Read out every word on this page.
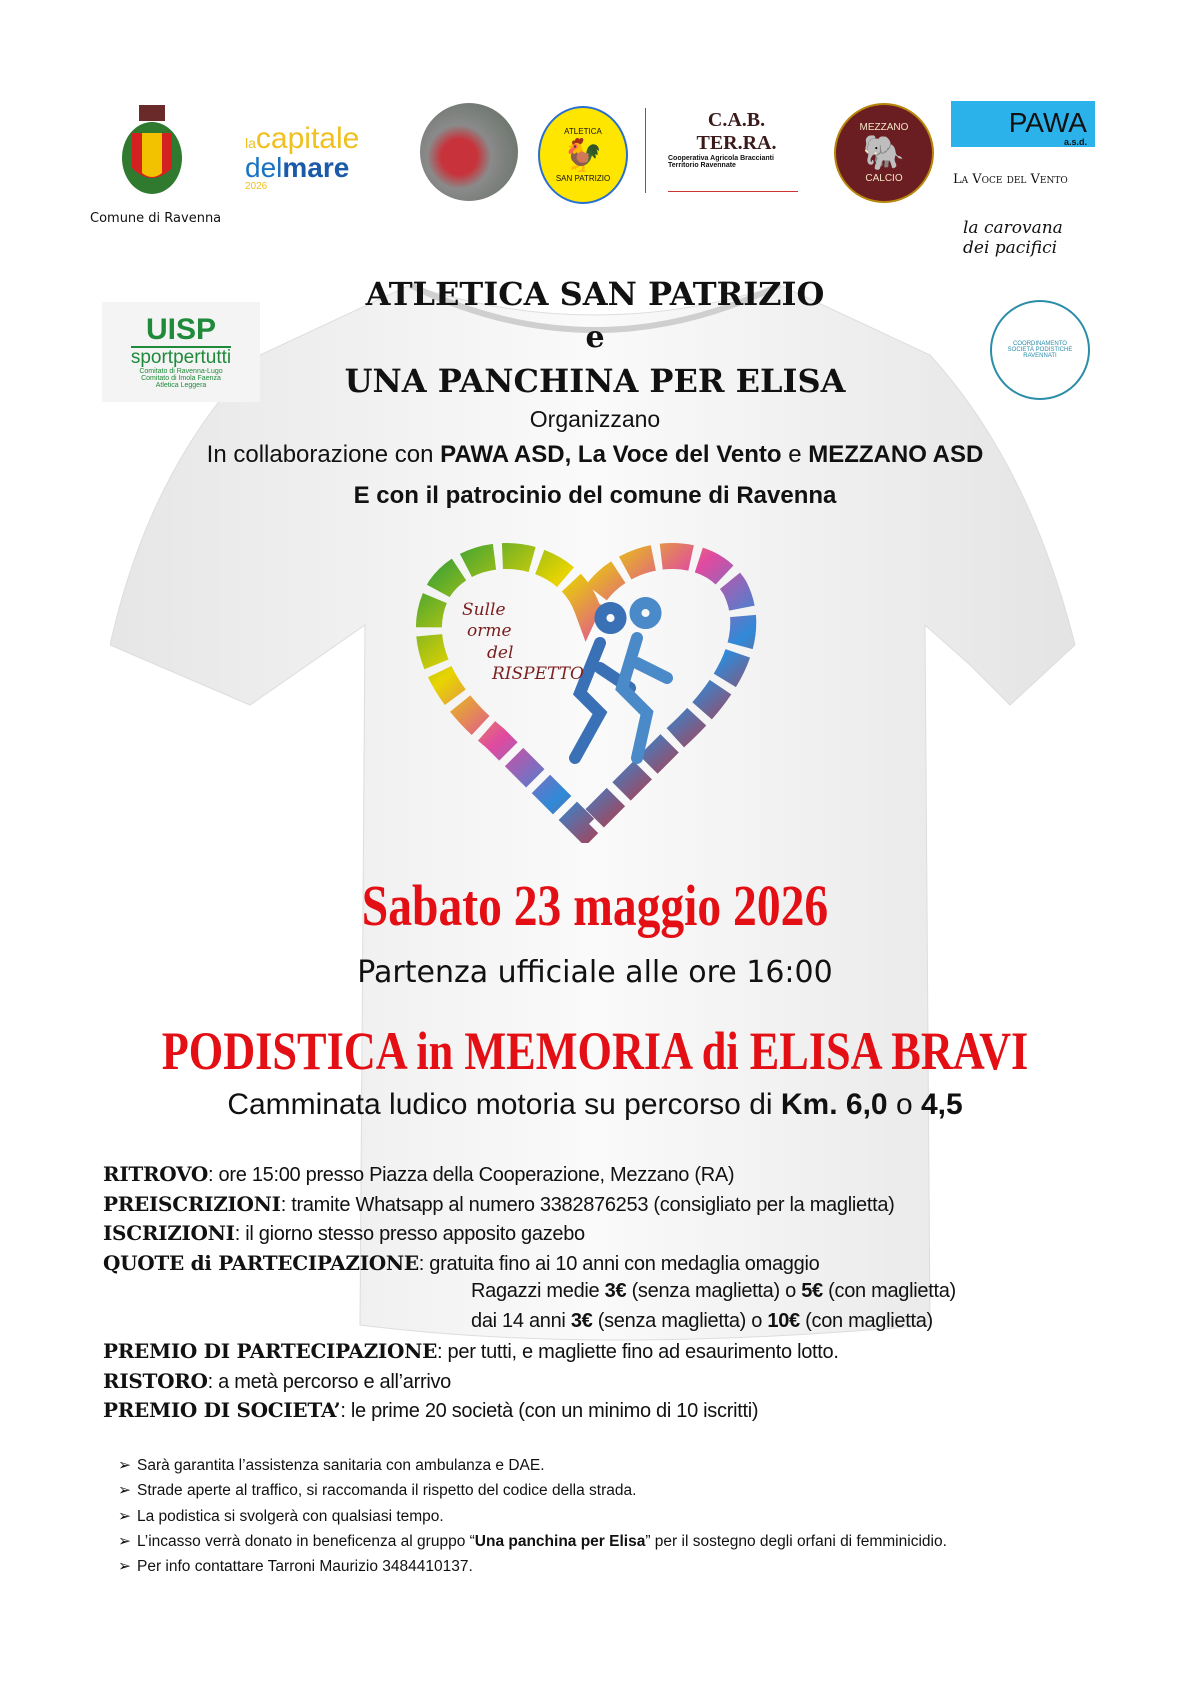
Comune di Ravenna
lacapitale
delmare
2026
ATLETICA
🐓
SAN PATRIZIO
C.A.B. TER.RA.
Cooperativa Agricola Braccianti
Territorio Ravennate
MEZZANO
🐘
CALCIO
PAWA
a.s.d.
La Voce del Vento
la carovana dei pacifici
UISP
sportpertutti
Comitato di Ravenna-Lugo
Comitato di Imola Faenza
Atletica Leggera
COORDINAMENTO SOCIETÀ PODISTICHE RAVENNATI
ATLETICA SAN PATRIZIO
e
UNA PANCHINA PER ELISA
Organizzano
In collaborazione con PAWA ASD, La Voce del Vento e MEZZANO ASD
E con il patrocinio del comune di Ravenna
Sulle
orme
del
RISPETTO
Sabato 23 maggio 2026
Partenza ufficiale alle ore 16:00
PODISTICA in MEMORIA di ELISA BRAVI
Camminata ludico motoria su percorso di Km. 6,0 o 4,5
RITROVO: ore 15:00 presso Piazza della Cooperazione, Mezzano (RA)
PREISCRIZIONI: tramite Whatsapp al numero 3382876253 (consigliato per la maglietta)
ISCRIZIONI: il giorno stesso presso apposito gazebo
QUOTE di PARTECIPAZIONE: gratuita fino ai 10 anni con medaglia omaggio
Ragazzi medie 3€ (senza maglietta) o 5€ (con maglietta)
dai 14 anni 3€ (senza maglietta) o 10€ (con maglietta)
PREMIO DI PARTECIPAZIONE: per tutti, e magliette fino ad esaurimento lotto.
RISTORO: a metà percorso e all’arrivo
PREMIO DI SOCIETA’: le prime 20 società (con un minimo di 10 iscritti)
➢ Sarà garantita l’assistenza sanitaria con ambulanza e DAE.
➢ Strade aperte al traffico, si raccomanda il rispetto del codice della strada.
➢ La podistica si svolgerà con qualsiasi tempo.
➢ L’incasso verrà donato in beneficenza al gruppo “Una panchina per Elisa” per il sostegno degli orfani di femminicidio.
➢ Per info contattare Tarroni Maurizio 3484410137.
